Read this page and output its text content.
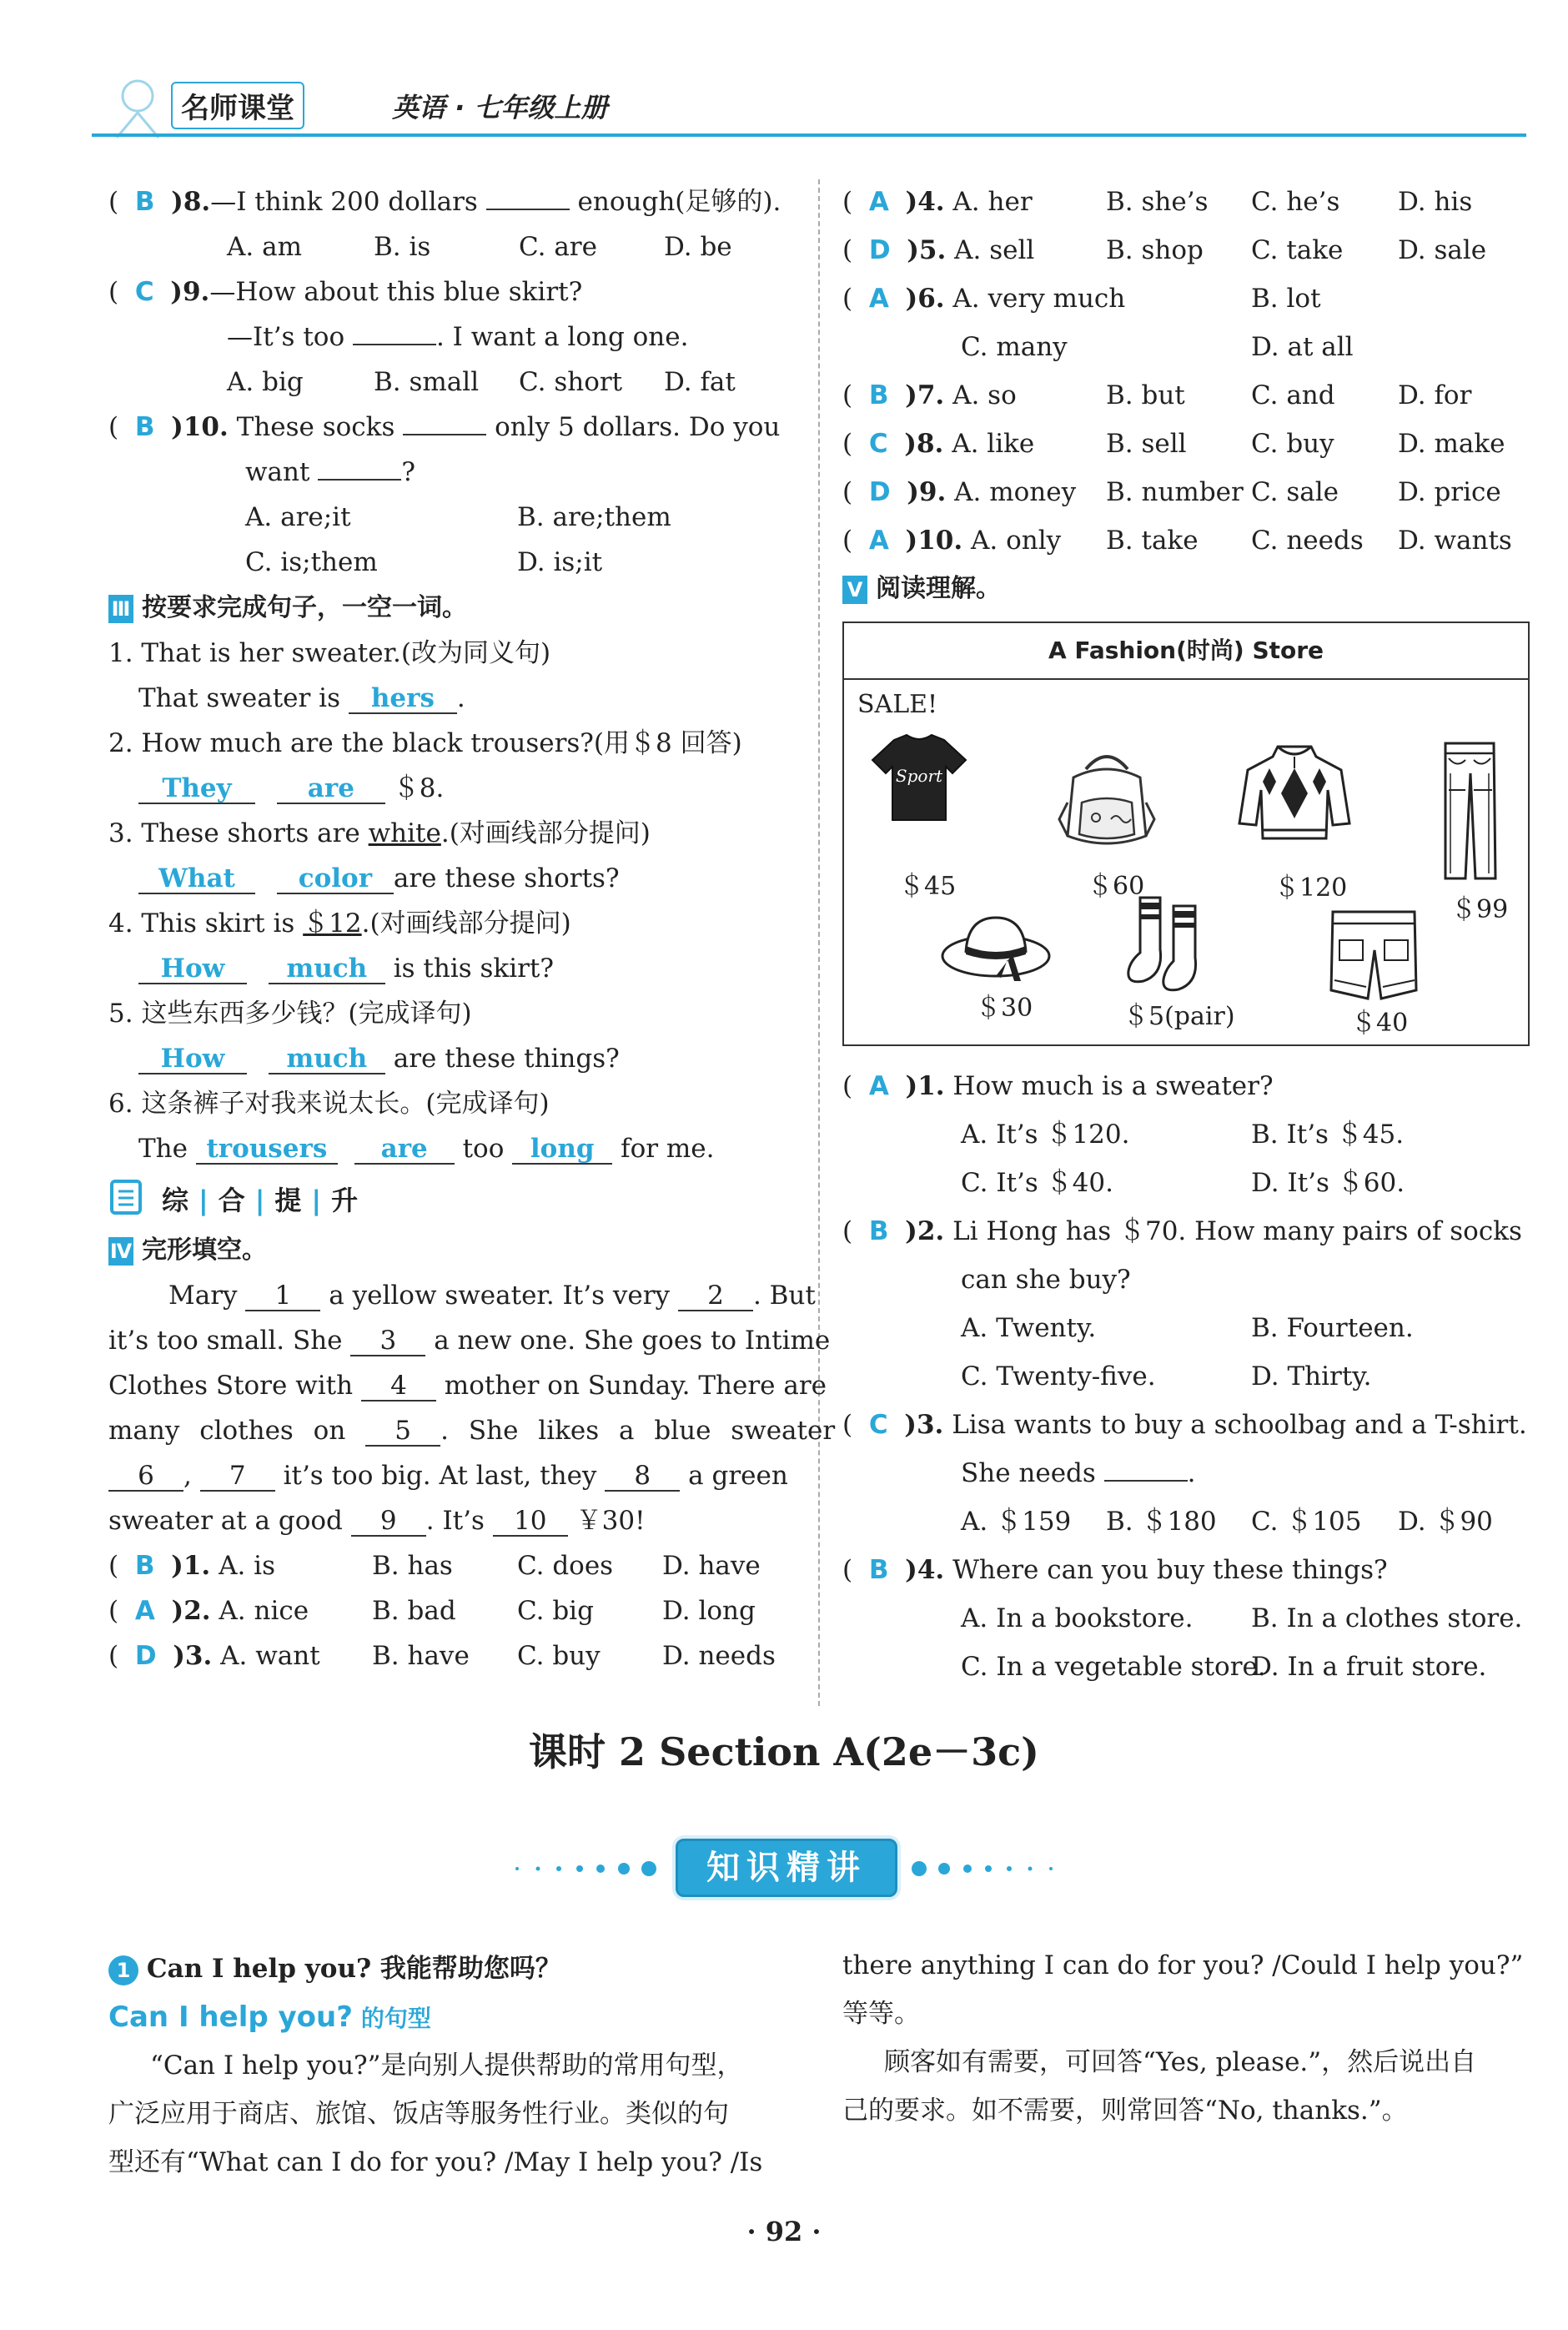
名师课堂	英语 · 七年级上册
(  B )8.—I think 200 dollars	enough(足够的).
A. am	B. is	C. are	D. be
(  C )9.—How about this blue skirt?
—It’s too	. I want a long one.
A. big	B. small C. short D. fat
(  B )10. These socks	only 5 dollars. Do you
want	?
A. are;it	B. are;them
C. is;them	D. is;it
Ⅲ 按要求完成句子，一空一词。
1. That is her sweater.(改为同义句)
That sweater is hers .
2. How much are the black trousers?(用＄8 回答)
They	are ＄8.
3. These shorts are white.(对画线部分提问)
What color are these shorts?
4. This skirt is ＄12.(对画线部分提问)
How much is this skirt?
5. 这些东西多少钱？(完成译句)
How much are these things?
6. 这条裤子对我来说太长。(完成译句)
The trousers are too long for me.
综 | 合 | 提 | 升
Ⅳ 完形填空。
Mary 1 a yellow sweater. It’s very 2 . But
it’s too small. She 3 a new one. She goes to Intime
Clothes Store with 4 mother on Sunday. There are
many clothes on 5 . She likes a blue sweater
6 , 7 it’s too big. At last, they 8 a green
sweater at a good 9 . It’s 10 ￥30!
(  B )1. A. is	B. has C. does D. have
(  A )2. A. nice B. bad C. big	D. long
(  D )3. A. want B. have C. buy D. needs
(  A )4. A. her	B. she’s C. he’s D. his
(  D )5. A. sell	B. shop C. take D. sale
(  A )6. A. very much	B. lot
C. many	D. at all
(  B )7. A. so	B. but	C. and D. for
(  C )8. A. like	B. sell C. buy D. make
(  D )9. A. money B. number C. sale D. price
(  A )10. A. only B. take C. needs D. wants
Ⅴ 阅读理解。
A Fashion(时尚) Store
SALE!
Sport
＄45	＄60	＄120
＄99
＄30	＄5(pair)	＄40
(  A )1. How much is a sweater?
A. It’s ＄120.	B. It’s ＄45.
C. It’s ＄40.	D. It’s ＄60.
(  B )2. Li Hong has ＄70. How many pairs of socks
can she buy?
A. Twenty.	B. Fourteen.
C. Twenty-five.	D. Thirty.
(  C )3. Lisa wants to buy a schoolbag and a T-shirt.
She needs	.
A. ＄159 B. ＄180 C. ＄105 D. ＄90
(  B )4. Where can you buy these things?
A. In a bookstore. B. In a clothes store.
C. In a vegetable store.
D. In a fruit store.
课时 2 Section A(2e－3c)
知识精讲
1 Can I help you? 我能帮助您吗？
Can I help you? 的句型
“Can I help you?”是向别人提供帮助的常用句型，
广泛应用于商店、旅馆、饭店等服务性行业。类似的句
型还有“What can I do for you? /May I help you? /Is
there anything I can do for you? /Could I help you?”
等等。
顾客如有需要，可回答“Yes, please.”，然后说出自
己的要求。如不需要，则常回答“No, thanks.”。
· 92 ·
